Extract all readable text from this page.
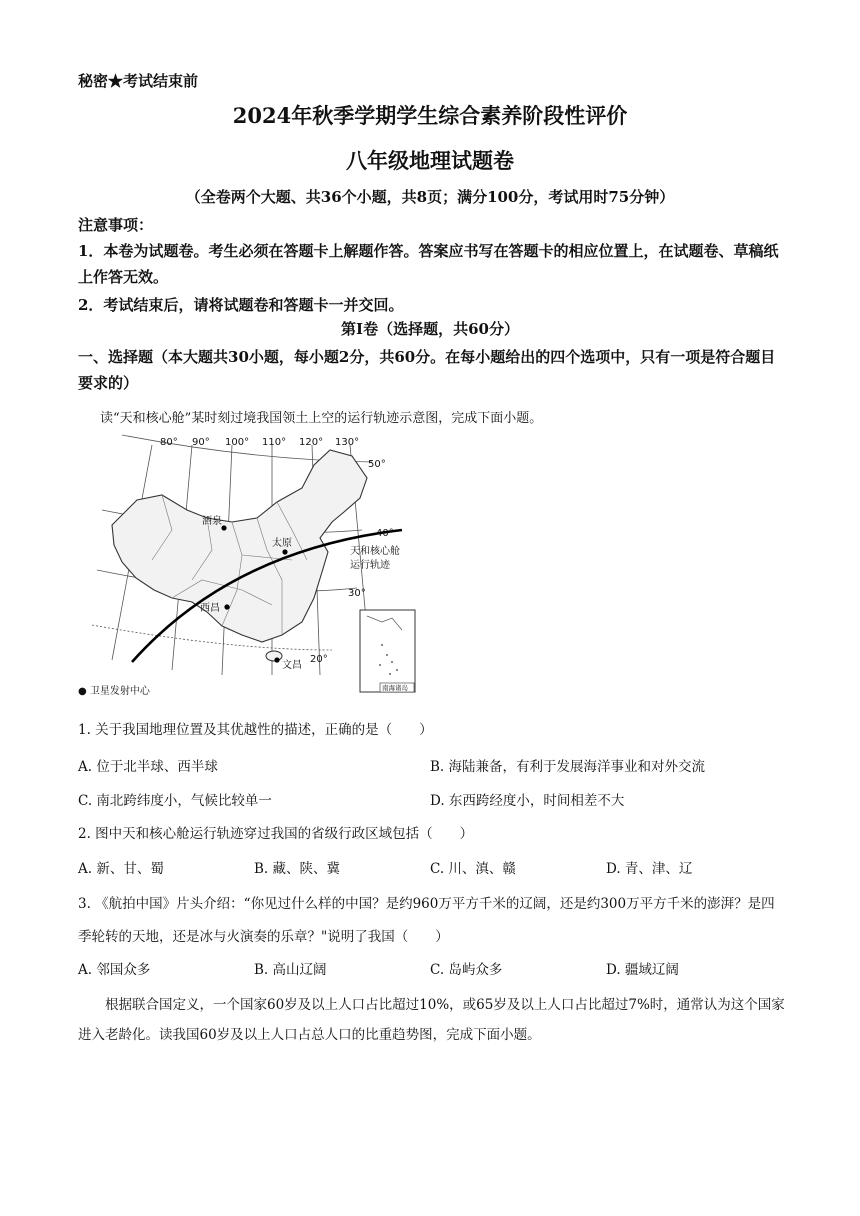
秘密★考试结束前
2024年秋季学期学生综合素养阶段性评价
八年级地理试题卷
（全卷两个大题、共36个小题，共8页；满分100分，考试用时75分钟）
注意事项：
1．本卷为试题卷。考生必须在答题卡上解题作答。答案应书写在答题卡的相应位置上，在试题卷、草稿纸上作答无效。
2．考试结束后，请将试题卷和答题卡一并交回。
第Ⅰ卷（选择题，共60分）
一、选择题（本大题共30小题，每小题2分，共60分。在每小题给出的四个选项中，只有一项是符合题目要求的）
读“天和核心舱”某时刻过境我国领土上空的运行轨迹示意图，完成下面小题。
酒泉
太原
西昌
文昌
80° 90° 100° 110° 120° 130°
50°
40°
30°
20°
天和核心舱
运行轨迹
南海诸岛
● 卫星发射中心
1. 关于我国地理位置及其优越性的描述，正确的是（　　）
A. 位于北半球、西半球	B. 海陆兼备，有利于发展海洋事业和对外交流
C. 南北跨纬度小，气候比较单一	D. 东西跨经度小，时间相差不大
2. 图中天和核心舱运行轨迹穿过我国的省级行政区域包括（　　）
A. 新、甘、蜀	B. 藏、陕、冀	C. 川、滇、赣	D. 青、津、辽
3. 《航拍中国》片头介绍：“你见过什么样的中国？是约960万平方千米的辽阔，还是约300万平方千米的澎湃？是四季轮转的天地，还是冰与火演奏的乐章？"说明了我国（　　）
A. 邻国众多	B. 高山辽阔	C. 岛屿众多	D. 疆域辽阔
根据联合国定义，一个国家60岁及以上人口占比超过10%，或65岁及以上人口占比超过7%时，通常认为这个国家进入老龄化。读我国60岁及以上人口占总人口的比重趋势图，完成下面小题。
